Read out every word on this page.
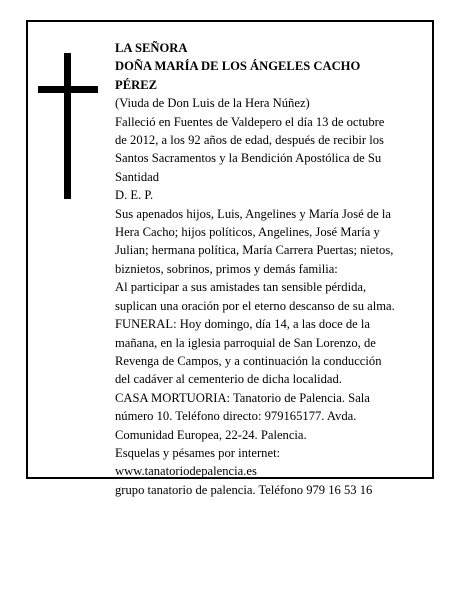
LA SEÑORA
DOÑA MARÍA DE LOS ÁNGELES CACHO
PÉREZ
(Viuda de Don Luis de la Hera Núñez)
Falleció en Fuentes de Valdepero el día 13 de octubre
de 2012, a los 92 años de edad, después de recibir los
Santos Sacramentos y la Bendición Apostólica de Su
Santidad
D. E. P.
Sus apenados hijos, Luis, Angelines y María José de la
Hera Cacho; hijos políticos, Angelines, José María y
Julian; hermana política, María Carrera Puertas; nietos,
biznietos, sobrinos, primos y demás familia:
Al participar a sus amistades tan sensible pérdida,
suplican una oración por el eterno descanso de su alma.
FUNERAL: Hoy domingo, día 14, a las doce de la
mañana, en la iglesia parroquial de San Lorenzo, de
Revenga de Campos, y a continuación la conducción
del cadáver al cementerio de dicha localidad.
CASA MORTUORIA: Tanatorio de Palencia. Sala
número 10. Teléfono directo: 979165177. Avda.
Comunidad Europea, 22-24. Palencia.
Esquelas y pésames por internet:
www.tanatoriodepalencia.es
grupo tanatorio de palencia. Teléfono 979 16 53 16
